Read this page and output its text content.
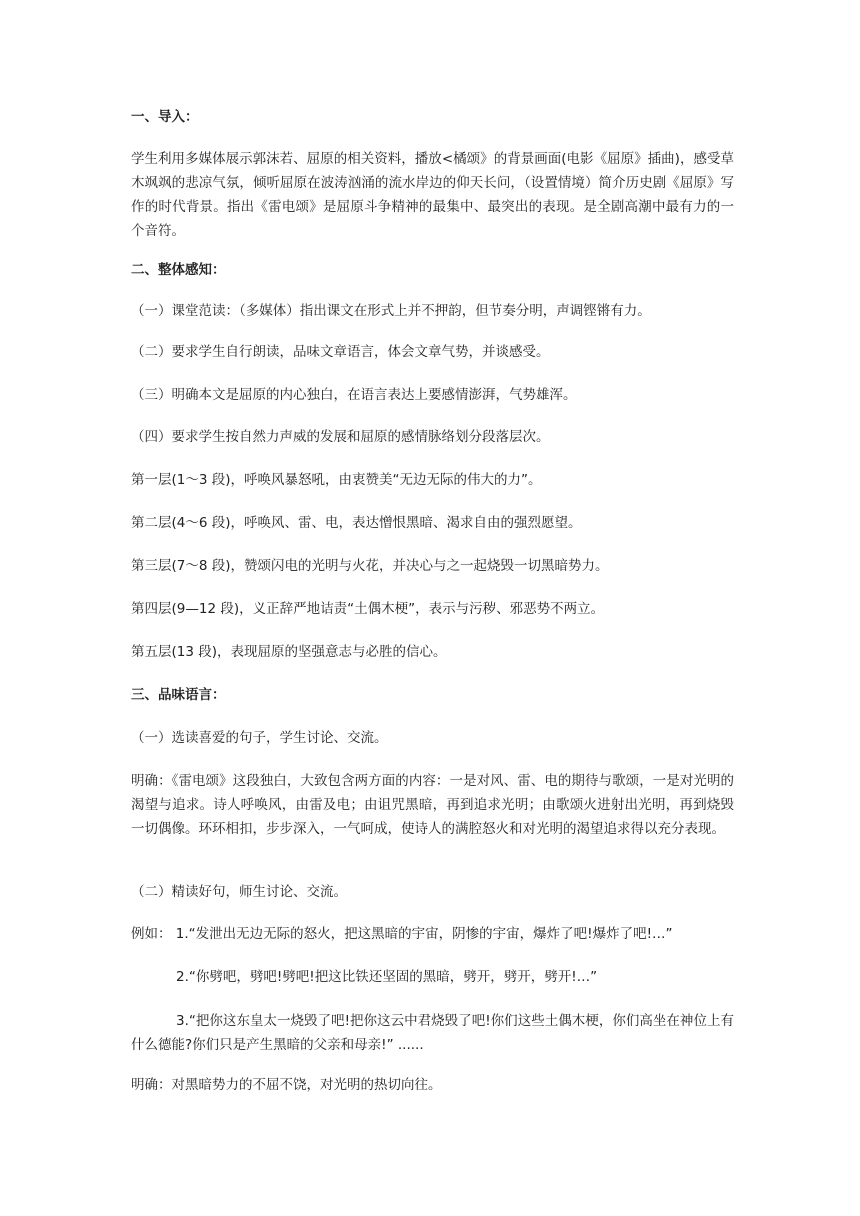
一、导入：
学生利用多媒体展示郭沫若、屈原的相关资料，播放<橘颂》的背景画面(电影《屈原》插曲)，感受草木飒飒的悲凉气氛，倾听屈原在波涛汹涌的流水岸边的仰天长问，（设置情境）简介历史剧《屈原》写作的时代背景。指出《雷电颂》是屈原斗争精神的最集中、最突出的表现。是全剧高潮中最有力的一个音符。
二、整体感知：
（一）课堂范读：（多媒体）指出课文在形式上并不押韵，但节奏分明，声调铿锵有力。
（二）要求学生自行朗读，品味文章语言，体会文章气势，并谈感受。
（三）明确本文是屈原的内心独白，在语言表达上要感情澎湃，气势雄浑。
（四）要求学生按自然力声威的发展和屈原的感情脉络划分段落层次。
第一层(1～3 段)，呼唤风暴怒吼，由衷赞美“无边无际的伟大的力”。
第二层(4～6 段)，呼唤风、雷、电，表达憎恨黑暗、渴求自由的强烈愿望。
第三层(7～8 段)，赞颂闪电的光明与火花，并决心与之一起烧毁一切黑暗势力。
第四层(9—12 段)，义正辞严地诘责“土偶木梗”，表示与污秽、邪恶势不两立。
第五层(13 段)，表现屈原的坚强意志与必胜的信心。
三、品味语言：
（一）选读喜爱的句子，学生讨论、交流。
明确：《雷电颂》这段独白，大致包含两方面的内容：一是对风、雷、电的期待与歌颂，一是对光明的渴望与追求。诗人呼唤风，由雷及电；由诅咒黑暗，再到追求光明；由歌颂火进射出光明，再到烧毁一切偶像。环环相扣，步步深入，一气呵成，使诗人的满腔怒火和对光明的渴望追求得以充分表现。
（二）精读好句，师生讨论、交流。
例如： 1.“发泄出无边无际的怒火，把这黑暗的宇宙，阴惨的宇宙，爆炸了吧!爆炸了吧!…”
2.“你劈吧，劈吧!劈吧!把这比铁还坚固的黑暗，劈开，劈开，劈开!…”
3.“把你这东皇太一烧毁了吧!把你这云中君烧毁了吧!你们这些土偶木梗，你们高坐在神位上有什么德能?你们只是产生黑暗的父亲和母亲!” ......
明确：对黑暗势力的不屈不饶，对光明的热切向往。
